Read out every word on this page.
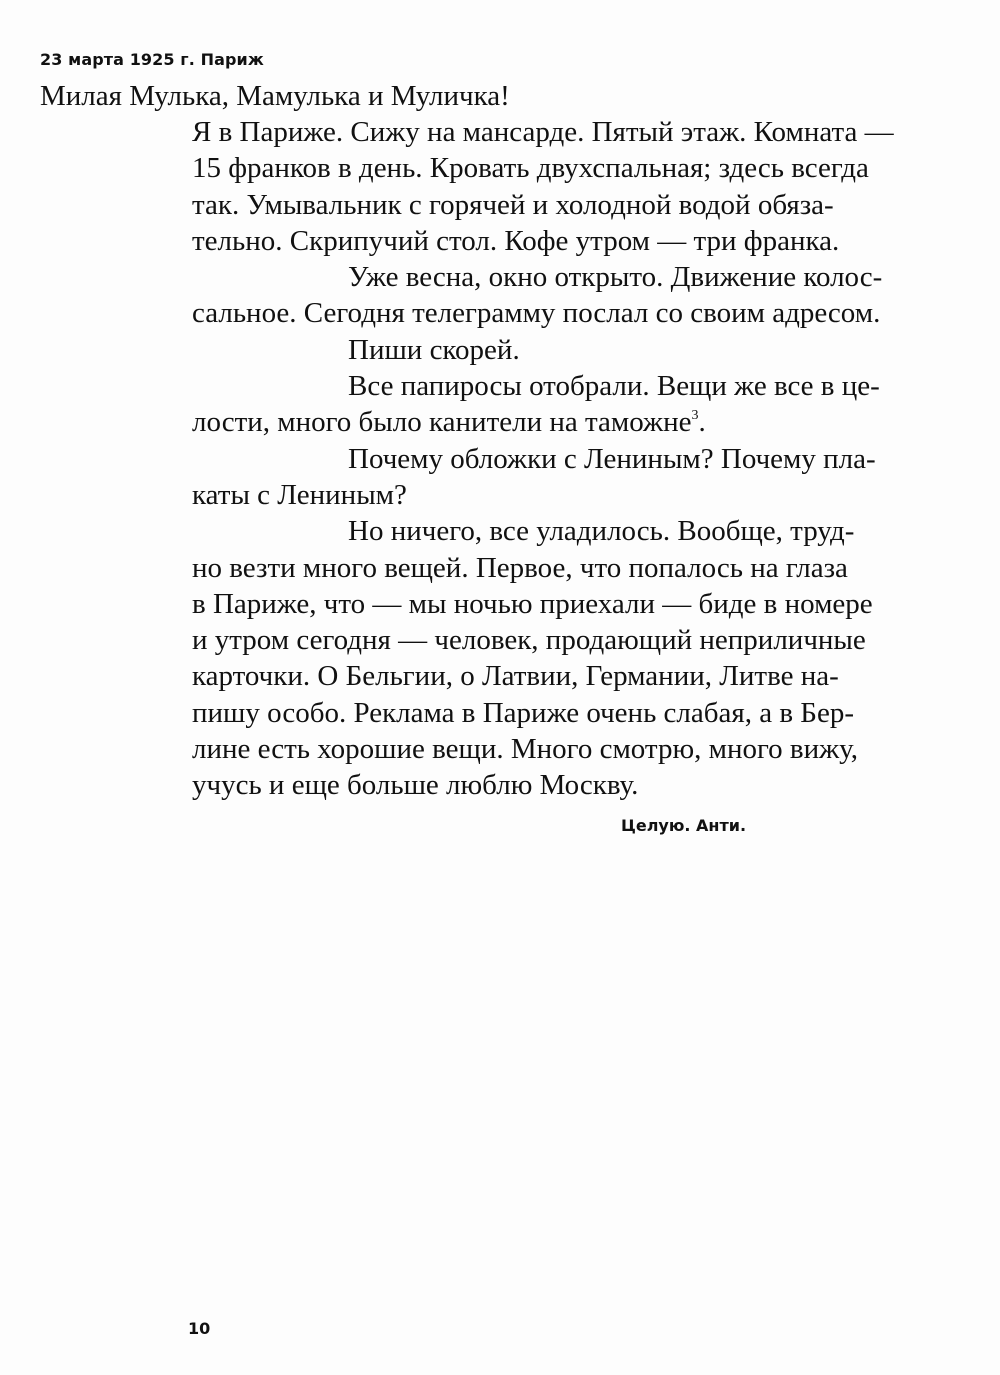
23 марта 1925 г. Париж
Милая Мулька, Мамулька и Муличка!
Я в Париже. Сижу на мансарде. Пятый этаж. Комната —
15 франков в день. Кровать двухспальная; здесь всегда
так. Умывальник с горячей и холодной водой обяза-
тельно. Скрипучий стол. Кофе утром — три франка.
Уже весна, окно открыто. Движение колос-
сальное. Сегодня телеграмму послал со своим адресом.
Пиши скорей.
Все папиросы отобрали. Вещи же все в це-
лости, много было канители на таможне$^3$.
Почему обложки с Лениным? Почему пла-
каты с Лениным?
Но ничего, все уладилось. Вообще, труд-
но везти много вещей. Первое, что попалось на глаза
в Париже, что — мы ночью приехали — биде в номере
и утром сегодня — человек, продающий неприличные
карточки. О Бельгии, о Латвии, Германии, Литве на-
пишу особо. Реклама в Париже очень слабая, а в Бер-
лине есть хорошие вещи. Много смотрю, много вижу,
учусь и еще больше люблю Москву.
Целую. Анти.
10
